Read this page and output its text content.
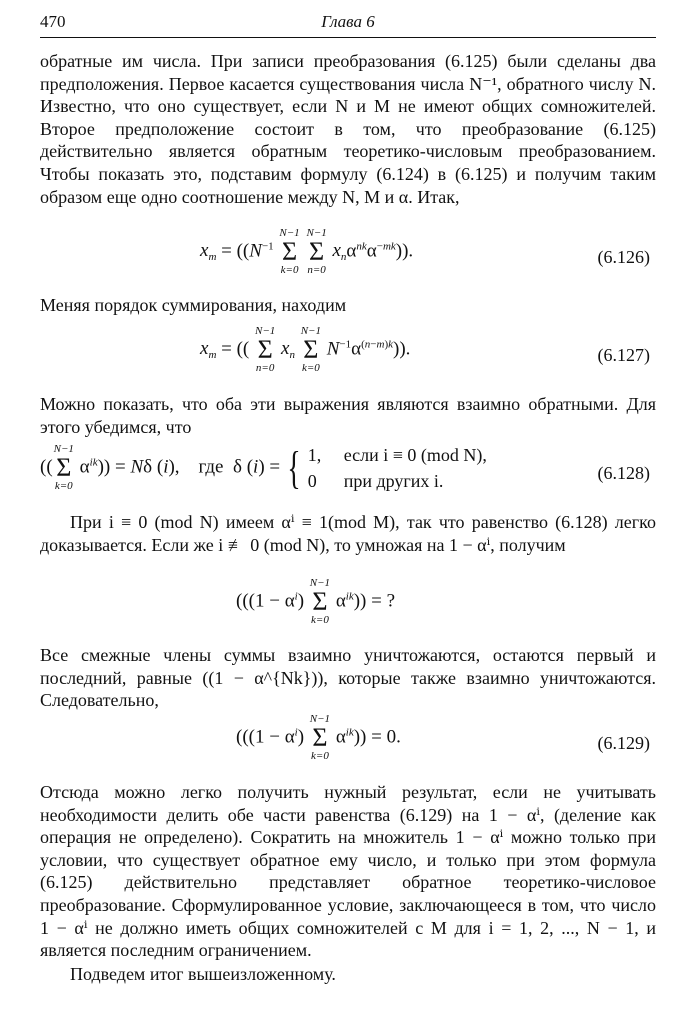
470	Глава 6
обратные им числа. При записи преобразования (6.125) были сделаны два предположения. Первое касается существования числа N⁻¹, обратного числу N. Известно, что оно существует, если N и M не имеют общих сомножителей. Второе предположение состоит в том, что преобразование (6.125) действительно является обратным теоретико-числовым преобразованием. Чтобы показать это, подставим формулу (6.124) в (6.125) и получим таким образом еще одно соотношение между N, M и α. Итак,
$x_m = ((N^{-1}$
N−1
Σ
k=0

N−1
Σ
n=0
$x_n\alpha^{nk}\alpha^{-mk}$)).	(6.126)
Меняя порядок суммирования, находим
$x_m$ = ((
N−1
Σ
n=0
$x_n$
N−1
Σ
k=0
$N^{-1}\alpha^{(n-m)k}$)).	(6.127)
Можно показать, что оба эти выражения являются взаимно обратными. Для этого убедимся, что
((
N−1
Σ
k=0
$\alpha^{ik})) = N\delta$ (i),    где  δ (i) = { 1, если i ≡ 0 (mod N),
0 при других i.	(6.128)
При i ≡ 0 (mod N) имеем αⁱ ≡ 1(mod M), так что равенство (6.128) легко доказывается. Если же i ≢ 0 (mod N), то умножая на 1 − αⁱ, получим
(($(1 - \alpha^i)$
N−1
Σ
k=0
$\alpha^{ik}$)) = ?
Все смежные члены суммы взаимно уничтожаются, остаются первый и последний, равные ((1 − α^{Nk})), которые также взаимно уничтожаются. Следовательно,
(($(1 - \alpha^i)$
N−1
Σ
k=0
$\alpha^{ik})) = 0$.	(6.129)
Отсюда можно легко получить нужный результат, если не учитывать необходимости делить обе части равенства (6.129) на 1 − αⁱ, (деление как операция не определено). Сократить на множитель 1 − αⁱ можно только при условии, что существует обратное ему число, и только при этом формула (6.125) действительно представляет обратное теоретико-числовое преобразование. Сформулированное условие, заключающееся в том, что число 1 − αⁱ не должно иметь общих сомножителей с M для i = 1, 2, ..., N − 1, и является последним ограничением.
Подведем итог вышеизложенному.
